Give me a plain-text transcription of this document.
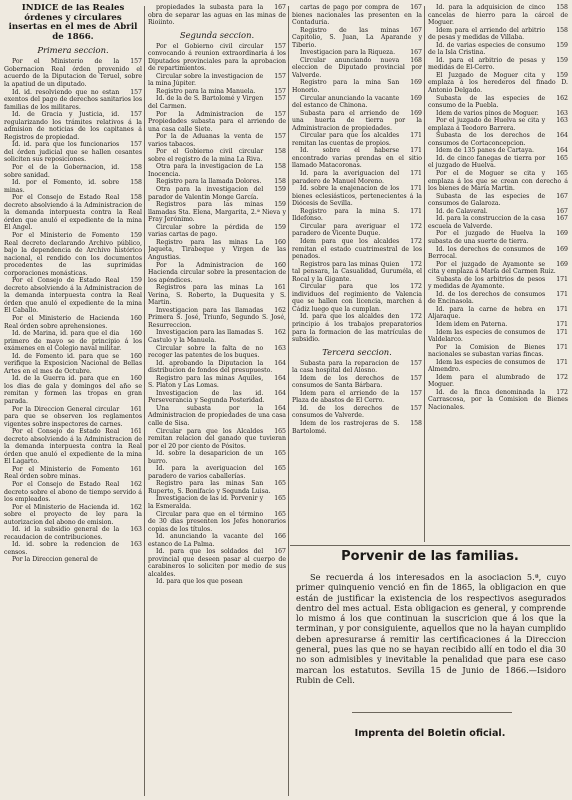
INDICE de las Reales órdenes y circulares insertas en el mes de Abril de 1866.
Primera seccion.

157
Por el Ministerio de la Gobernacion Real órden provenido el acuerdo de la Diputacion de Teruel, sobre la apatiud de un diputado.

157
Id. id. resolviendo que no estan exentos del pago de derechos sanitarios los familias de los militares.

157
Id. de Gracia y Justicia, id. regularizando los trámites relativos á la admision de noticias de los capitanes á Registros de propiedad.

157
Id. id. para que los funcionarios del órden judicial que se hallen cesantes soliciten sus reposiciones.

158
Por el de la Gobernacion, id. sobre sanidad.

158
Id. por el Fomento, id. sobre minas.

158
Por el Consejo de Estado Real decreto absolviendo á la Administracion de la demanda interpuesta contra la Real órden que anuló el expediente de la mina El Angel.

159
Por el Ministerio de Fomento Real decreto declarando Archivo público, bajo la dependencia de Archivo histórico nacional, el rendido con los documentos procedentes de las suprimidas corporaciones monásticas.

159
Por el Consejo de Estado Real decreto absolviendo á la Administracion de la demanda interpuesta contra la Real órden que anuló el expediente de la mina El Caballo.

160
Por el Ministerio de Hacienda Real órden sobre aprehensiones.

160
Id. de Marina, id. para que el dia primero de mayo se de principio á los exámenes en el Colegio naval militar.

160
Id. de Fomento id. para que se verifique la Exposicion Nacional de Bellas Artes en el mes de Octubre.

160
Id. de la Guerra id. para que en los dias de gala y domingos del año se remitan y formen las tropas en gran parada.

161
Por la Direccion General circular para que se observen los reglamentos vigentes sobre inspectores de carnes.

161
Por el Consejo de Estado Real decreto absolviendo á la Administracion de la demanda interpuesta contra la Real órden que anuló el expediente de la mina El Lagarto.

161
Por el Ministerio de Fomento Real órden sobre minas.

162
Por el Consejo de Estado Real decreto sobre el abono de tiempo servido á los empleados.

162
Por el Ministerio de Hacienda id. sobre el proyecto de ley para la autorizacion del abono de emision.

163
Id. id la subsidio general de la recaudacion de contribuciones.

163
Id. id. sobre la redencion de censos.

Por la Direccion general de

167
propiedades la subasta para la obra de separar las aguas en las minas de Rioiinto.

Segunda seccion.

157
Por el Gobierno civil circular convocando á reunion extraordinaria á los Diputados provinciales para la aprobacion de repartimientos.

157
Circular sobre la investigacion de la mina Júpiter.

157
Registro para la mina Manuela.

157
Id. de la de S. Bartolomé y Virgen del Carmen.

157
Por la Administracion de Propiedades subasta para el arriendo de una casa calle Siete.

157
Por la de Aduanas la venta de varios tabacos.

158
Por el Gobierno civil circular sobre el registro de la mina La Riva.

158
Otra para la investigacion de La Inocencia.

158
Registro para la llamada Dolores.

159
Otra para la investigacion del parador de Valentin Monge García.

159
Registros para las minas llamadas Sta. Elena, Margarita, 2.ª Nieva y Fray Jerónimo.

159
Circular sobre la pérdida de varias cartas de pago.

160
Registro para las minas La Jaqueta, Tirabeque y Virgen de las Angustias.

160
Por la Administracion de Hacienda circular sobre la presentacion de los apéndices.

161
Registros para las minas La Verina, S. Roberto, la Duquesita y S. Martin.

162
Investigacion para las llamadas Primera S. José, Triunfo, Segundo S. José, Resurreccion.

162
Investigacion para las llamadas S. Castulo y la Manuela.

163
Circular sobre la falta de no recoger las patentes de los buques.

164
Id. aprobando la Diputacion la distribucion de fondos del presupuesto.

164
Registro para las minas Aquiles, S. Platon y Las Lomas.

164
Investigacion de las id. Perseverancia y Segunda Posteridad.

164
Una subasta por la Administracion de propiedades de una casa calle de Sisa.

165
Circular para que los Alcaldes remitan relacion del ganado que tuvieran por el 20 por ciento de Pósitos.

165
Id. sobre la desaparicion de un burro.

165
Id. para la averiguacion del paradero de varios caballerías.

165
Registro para las minas San Ruperto, S. Bonifacio y Segunda Luisa.

165
Investigacion de las id. Porvenir y la Esmeralda.

165
Circular para que en el término de 30 dias presenten los Jefes honorarios copias de los títulos.

166
Id. anunciando la vacante del estanco de La Palma.

167
Id. para que los soldados del provincial que deseen pasar al cuerpo de carabineros lo soliciten por medio de sus alcaldes.

Id. para que los que posean

167
cartas de pago por compra de bienes nacionales las presenten en la Contaduria.

167
Registro de las minas Capitolio, S. Juan, La Aparande y Tiberio.

167
Investigacion para la Riqueza.

168
Circular anunciando nueva eleccion de Diputado provincial por Valverde.

169
Registro para la mina San Honorio.

169
Circular anunciando la vacante del estanco de Chinona.

169
Subasta para el arriendo de una huerta de tierra por la Administracion de propiedades.

171
Circular para que los alcaldes remitan las cuentas de propios.

171
Id. sobre el haberse encontrado varias prendas en el sitio llamado Matacoronas.

171
Id. para la averiguacion del paradero de Manuel Moreno.

171
Id. sobre la enajenacion de los bienes eclesiásticos, pertenecientes á la Diócesis de Sevilla.

171
Registro para la mina S. Ildefonso.

172
Circular para averiguar el paradero de Vicente Duque.

172
Idem para que los alcaldes remitan el estado cuatrimestral de los penados.

172
Registros para las minas Quien tal pensara, la Casualidad, Guruméla, el Rocal y la Gigante.

172
Circular para que los individuos del regimiento de Valencia que se hallen con licencia, marchen á Cádiz luego que la cumplan.

172
Id. para que los alcaldes den principio á los trabajos preparatorios para la formacion de las matrículas de subsidio.

Tercera seccion.

157
Subasta para la reparacion de la casa hospital del Alosno.

157
Idem de los derechos de consumos de Santa Bárbara.

157
Idem para el arriendo de la Plaza de abastos de El Cerro.

157
Id. de los derechos de consumos de Valverde.

158
Idem de los rastrojeras de S. Bartolomé.

158
Id. para la adquisicion de cinco cancelas de hierro para la cárcel de Moguer.

158
Idem para el arriendo del arbitrio de pesas y medidas de Villaba.

159
Id. de varias especies de consumo de la Isla Cristina.

159
Id. para el arbitrio de pesas y medidas de El-Cerro.

159
El Juzgado de Moguer cita y emplaza á los herederos del finado D. Antonio Delgado.

162
Subasta de las especies de consumo de la Puebla.

163
Idem de varios pinos de Moguer.

163
Por el juzgado de Huelva se cita y emplaza á Teodoro Barrera.

164
Subasta de los derechos de consumos de Cortaconcepcion.

164
Idem de 135 panes de Cartaya.

165
Id. de cinco fanegas de tierra por el juzgado de Huelva.

165
Por el de Moguer se cita y emplaza á los que se crean con derecho á los bienes de María Martin.

167
Subasta de las especies de consumos de Galaroza.

167
Id. de Calaveral.

167
Id. para la construccion de la casa escuela de Valverde.

169
Por el juzgado de Huelva la subasta de una suerte de tierra.

169
Id. los derechos de consumos de Berrocal.

169
Por el juzgado de Ayamonte se cita y emplaza á María del Carmen Ruiz.

171
Subasta de los arbitrios de pesos y medidas de Ayamonte.

171
Id. de los derechos de consumos de Encinasola.

171
Id. para la carne de hebra en Aljaraque.

171
Idem idem en Paterna.

171
Idem las especies de consumos de Valdelarco.

171
Por la Comision de Bienes nacionales se subastan varias fincas.

171
Idem las especies de consumos de Almendro.

172
Idem para el alumbrado de Moguer.

172
Id. de la finca denominada la Carrascosa, por la Comision de Bienes Nacionales.

Porvenir de las familias.

Se recuerda á los interesados en la asociacion 5.ª, cuyo primer quinquenio venció en fin de 1865, la obligacion en que están de justificar la existencia de los respectivos asegurados dentro del mes actual. Esta obligacion es general, y comprende lo mismo á los que continuan la suscricion que á los que la terminan, y por consiguiente, aquellos que no la hayan cumplido deben apresurarse á remitir las certificaciones á la Direccion general, pues las que no se hayan recibido allí en todo el dia 30 no son admisibles y inevitable la penalidad que para ese caso marcan los estatutos. Sevilla 15 de Junio de 1866.—Isidoro Rubin de Celi.

Imprenta del Boletin oficial.
